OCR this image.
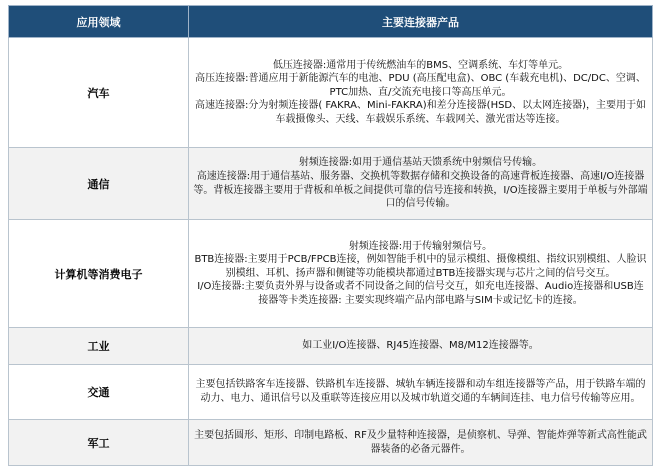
应用领域	主要连接器产品
汽车	低压连接器:通常用于传统燃油车的BMS、空调系统、车灯等单元。

高压连接器:普通应用于新能源汽车的电池、PDU (高压配电盒)、OBC (车载充电机)、DC/DC、空调、PTC加热、直/交流充电接口等高压单元。

高速连接器:分为射频连接器( FAKRA、Mini-FAKRA)和差分连接器(HSD、以太网连接器)，主要用于如车载摄像头、天线、车载娱乐系统、车载网关、激光雷达等连接。

通信	射频连接器:如用于通信基站天馈系统中射频信号传输。

高速连接器:用于通信基站、服务器、交换机等数据存储和交换设备的高速背板连接器、高速I/O连接器等。背板连接器主要用于背板和单板之间提供可靠的信号连接和转换，I/O连接器主要用于单板与外部端口的信号传输。

计算机等消费电子	射频连接器:用于传输射频信号。

BTB连接器:主要用于PCB/FPCB连接，例如智能手机中的显示模组、摄像模组、指纹识别模组、人脸识别模组、耳机、扬声器和侧键等功能模块都通过BTB连接器实现与芯片之间的信号交互。

I/O连接器:主要负责外界与设备或者不同设备之间的信号交互，如充电连接器、Audio连接器和USB连接器等卡类连接器: 主要实现终端产品内部电路与SIM卡或记忆卡的连接。

工业	如工业I/O连接器、RJ45连接器、M8/M12连接器等。

交通	主要包括铁路客车连接器、铁路机车连接器、城轨车辆连接器和动车组连接器等产品，用于铁路车端的动力、电力、通讯信号以及重联等连接应用以及城市轨道交通的车辆间连挂、电力信号传输等应用。

军工	主要包括圆形、矩形、印制电路板、RF及少量特种连接器，是侦察机、导弹、智能炸弹等新式高性能武器装备的必备元器件。
